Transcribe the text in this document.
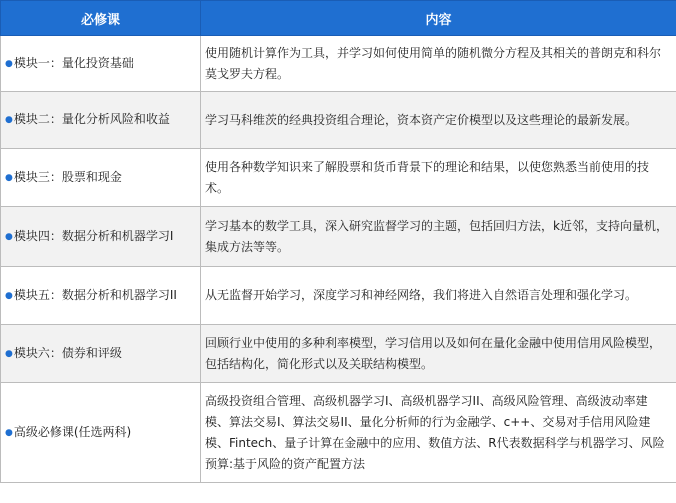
必修课	内容
●模块一：量化投资基础	使用随机计算作为工具，并学习如何使用简单的随机微分方程及其相关的普朗克和科尔莫戈罗夫方程。
●模块二：量化分析风险和收益	学习马科维茨的经典投资组合理论，资本资产定价模型以及这些理论的最新发展。
●模块三：股票和现金	使用各种数学知识来了解股票和货币背景下的理论和结果，以使您熟悉当前使用的技术。
●模块四：数据分析和机器学习I	学习基本的数学工具，深入研究监督学习的主题，包括回归方法，k近邻，支持向量机，集成方法等等。
●模块五：数据分析和机器学习II	从无监督开始学习，深度学习和神经网络，我们将进入自然语言处理和强化学习。
●模块六：债券和评级	回顾行业中使用的多种利率模型，学习信用以及如何在量化金融中使用信用风险模型，包括结构化，简化形式以及关联结构模型。
●高级必修课(任选两科)	高级投资组合管理、高级机器学习I、高级机器学习II、高级风险管理、高级波动率建模、算法交易I、算法交易II、量化分析师的行为金融学、c++、交易对手信用风险建模、Fintech、量子计算在金融中的应用、数值方法、R代表数据科学与机器学习、风险预算:基于风险的资产配置方法
